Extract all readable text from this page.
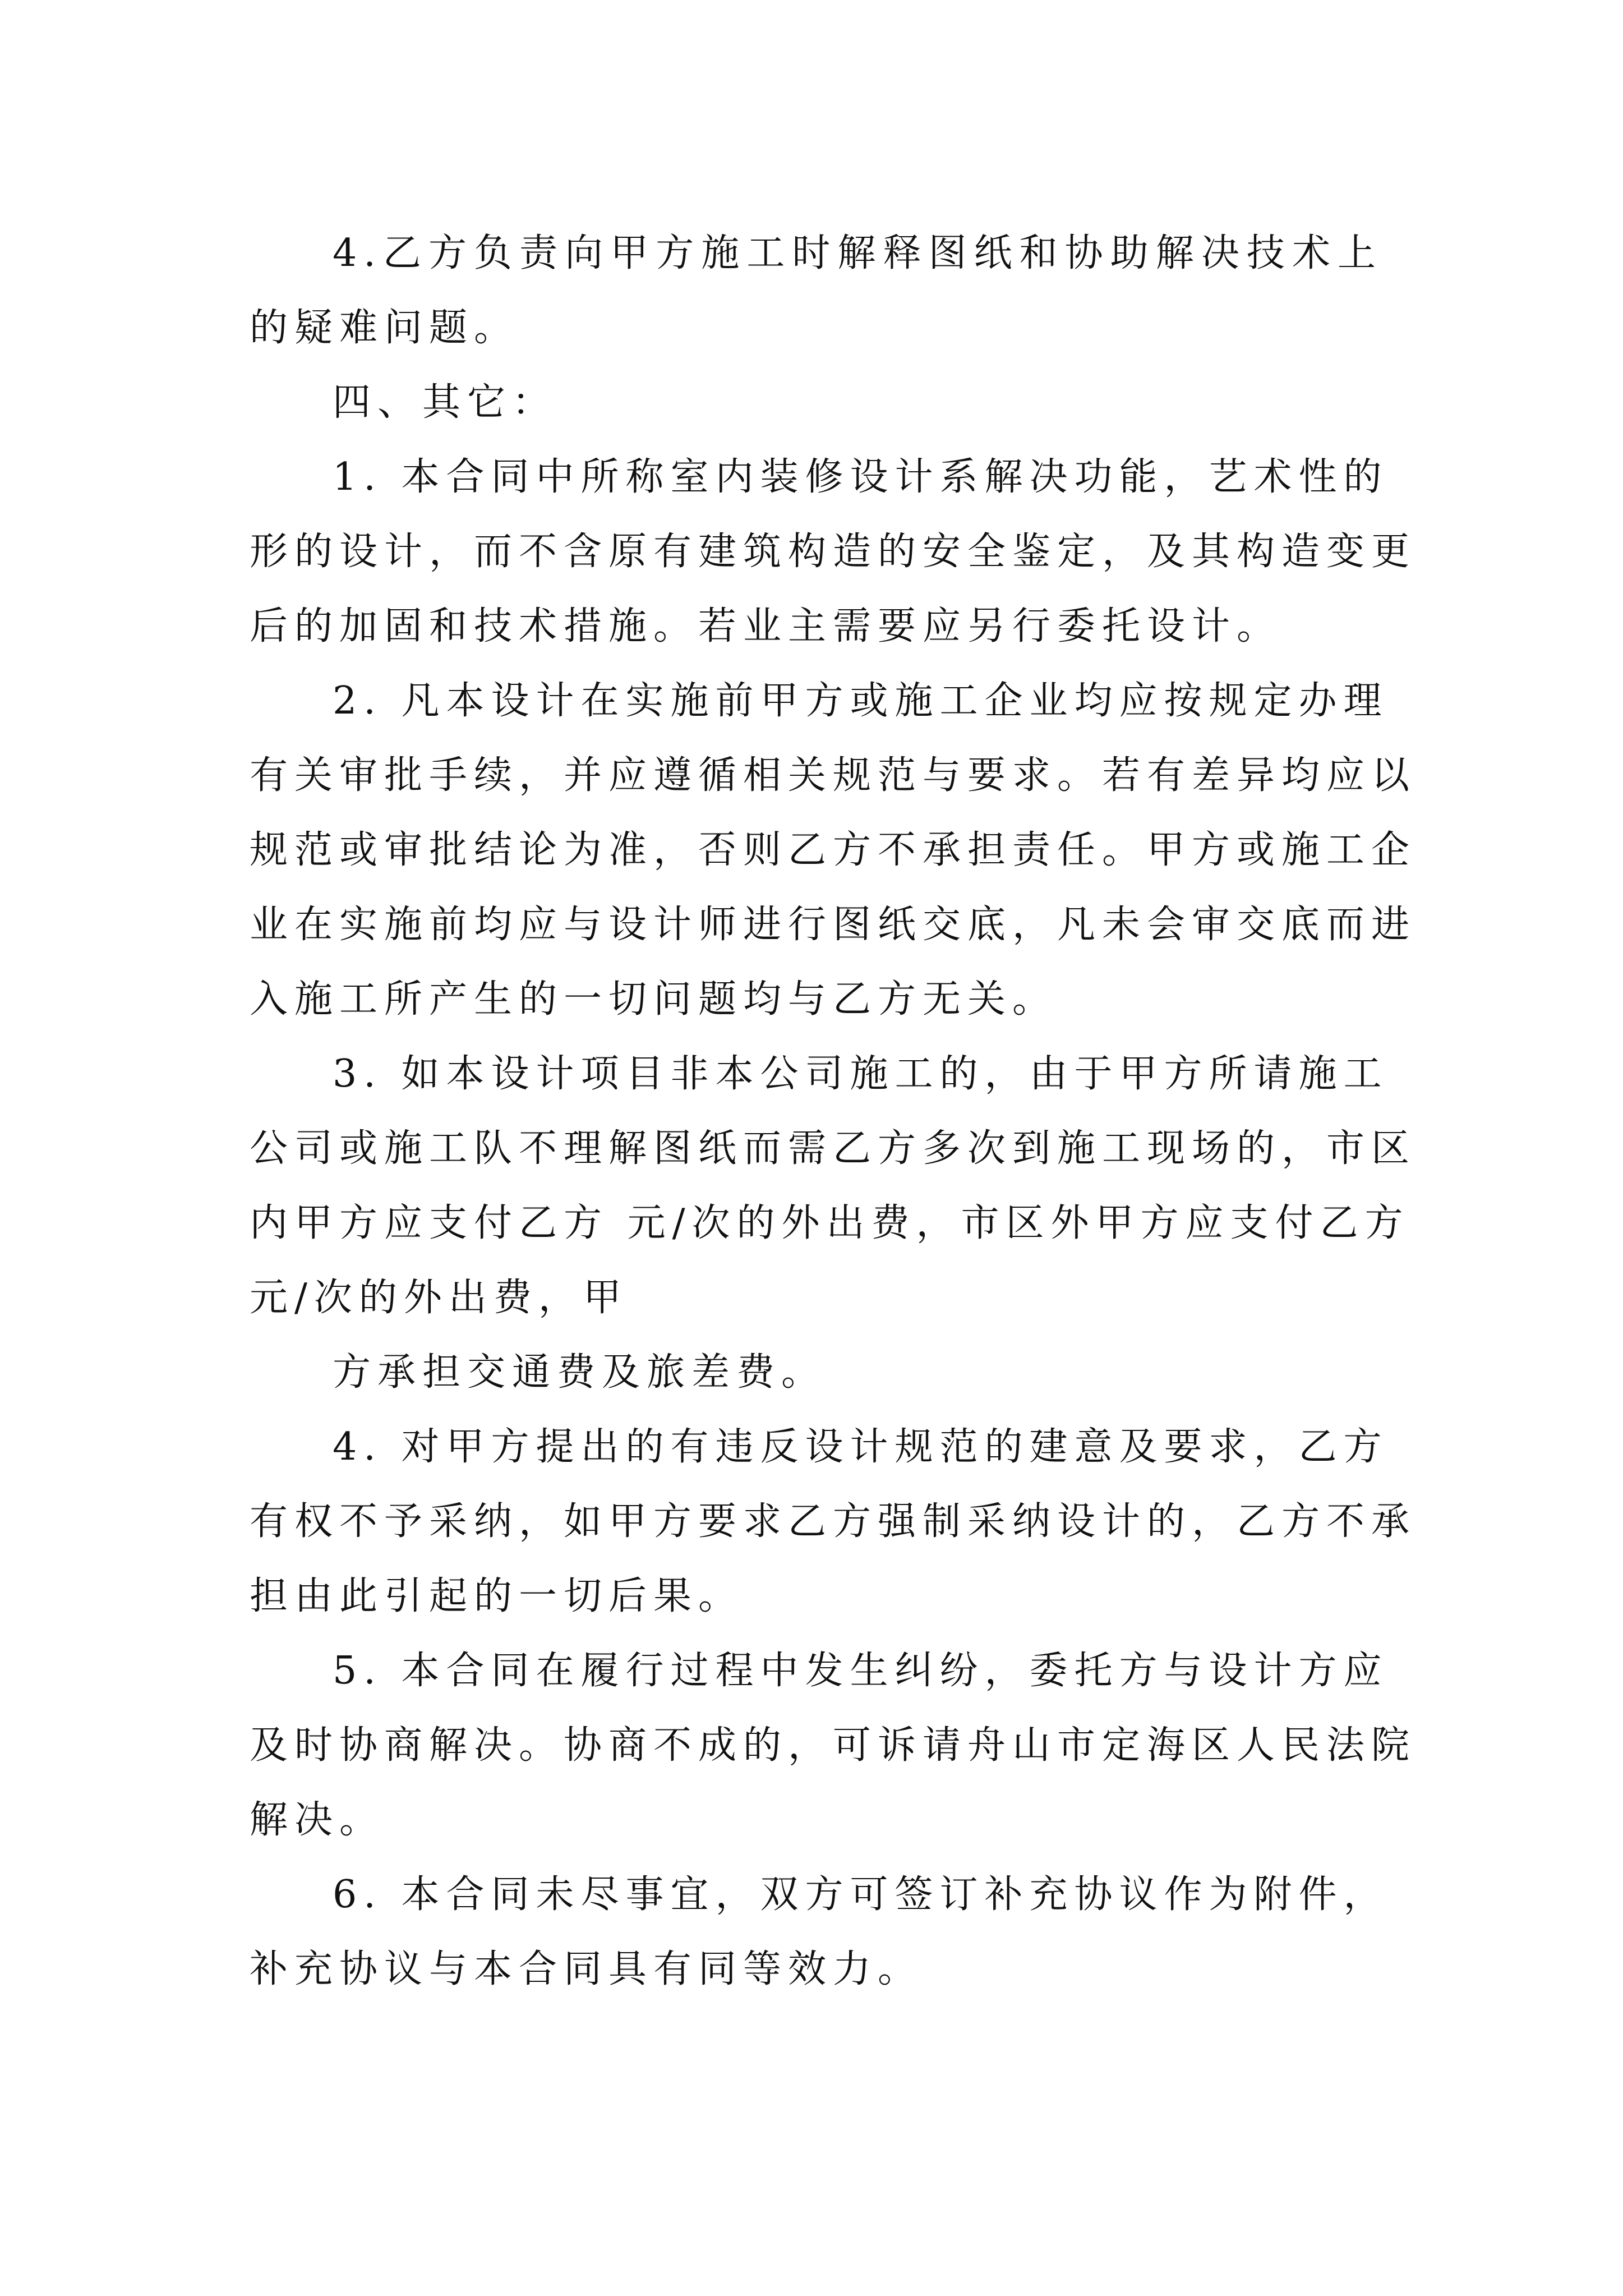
4.乙方负责向甲方施工时解释图纸和协助解决技术上
的疑难问题。

四、其它：

1. 本合同中所称室内装修设计系解决功能，艺术性的
形的设计，而不含原有建筑构造的安全鉴定，及其构造变更
后的加固和技术措施。若业主需要应另行委托设计。

2. 凡本设计在实施前甲方或施工企业均应按规定办理
有关审批手续，并应遵循相关规范与要求。若有差异均应以
规范或审批结论为准，否则乙方不承担责任。甲方或施工企
业在实施前均应与设计师进行图纸交底，凡未会审交底而进
入施工所产生的一切问题均与乙方无关。

3. 如本设计项目非本公司施工的，由于甲方所请施工
公司或施工队不理解图纸而需乙方多次到施工现场的，市区
内甲方应支付乙方 元/次的外出费，市区外甲方应支付乙方
元/次的外出费，甲

方承担交通费及旅差费。

4. 对甲方提出的有违反设计规范的建意及要求，乙方
有权不予采纳，如甲方要求乙方强制采纳设计的，乙方不承
担由此引起的一切后果。

5. 本合同在履行过程中发生纠纷，委托方与设计方应
及时协商解决。协商不成的，可诉请舟山市定海区人民法院
解决。

6. 本合同未尽事宜，双方可签订补充协议作为附件，
补充协议与本合同具有同等效力。
